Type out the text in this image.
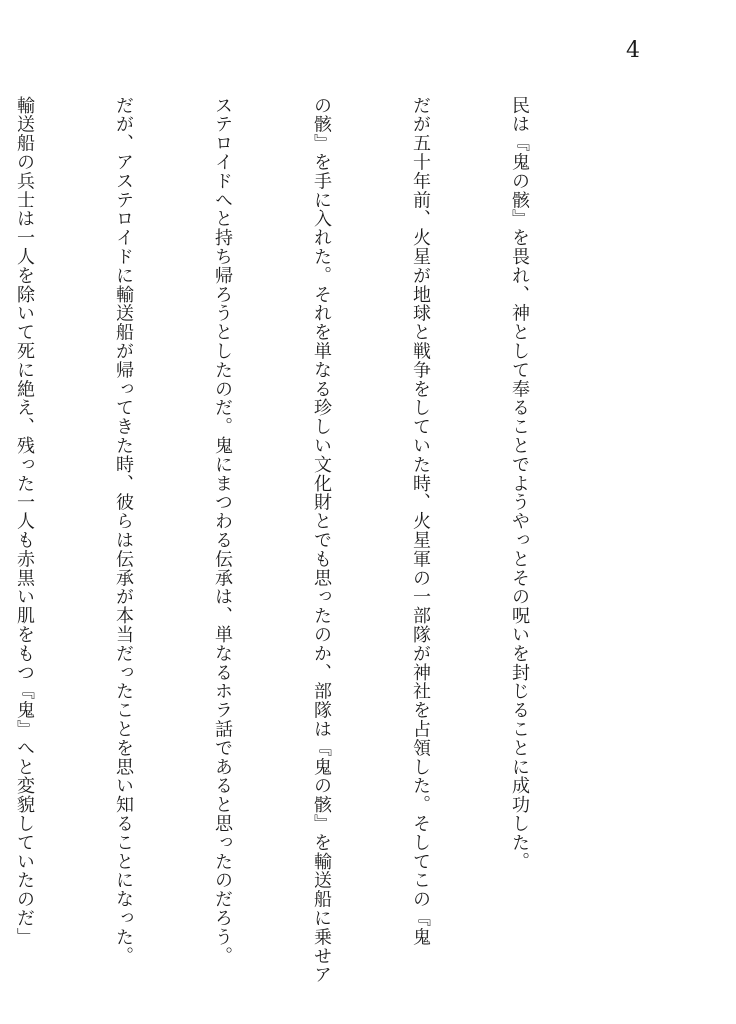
4

民は『鬼の骸』を畏れ、神として奉ることでようやっとその呪いを封じることに成功した。

だが五十年前、火星が地球と戦争をしていた時、火星軍の一部隊が神社を占領した。そしてこの『鬼

の骸』を手に入れた。それを単なる珍しい文化財とでも思ったのか、部隊は『鬼の骸』を輸送船に乗せア

ステロイドへと持ち帰ろうとしたのだ。鬼にまつわる伝承は、単なるホラ話であると思ったのだろう。

だが、アステロイドに輸送船が帰ってきた時、彼らは伝承が本当だったことを思い知ることになった。

輸送船の兵士は一人を除いて死に絶え、残った一人も赤黒い肌をもつ『鬼』へと変貌していたのだ」
